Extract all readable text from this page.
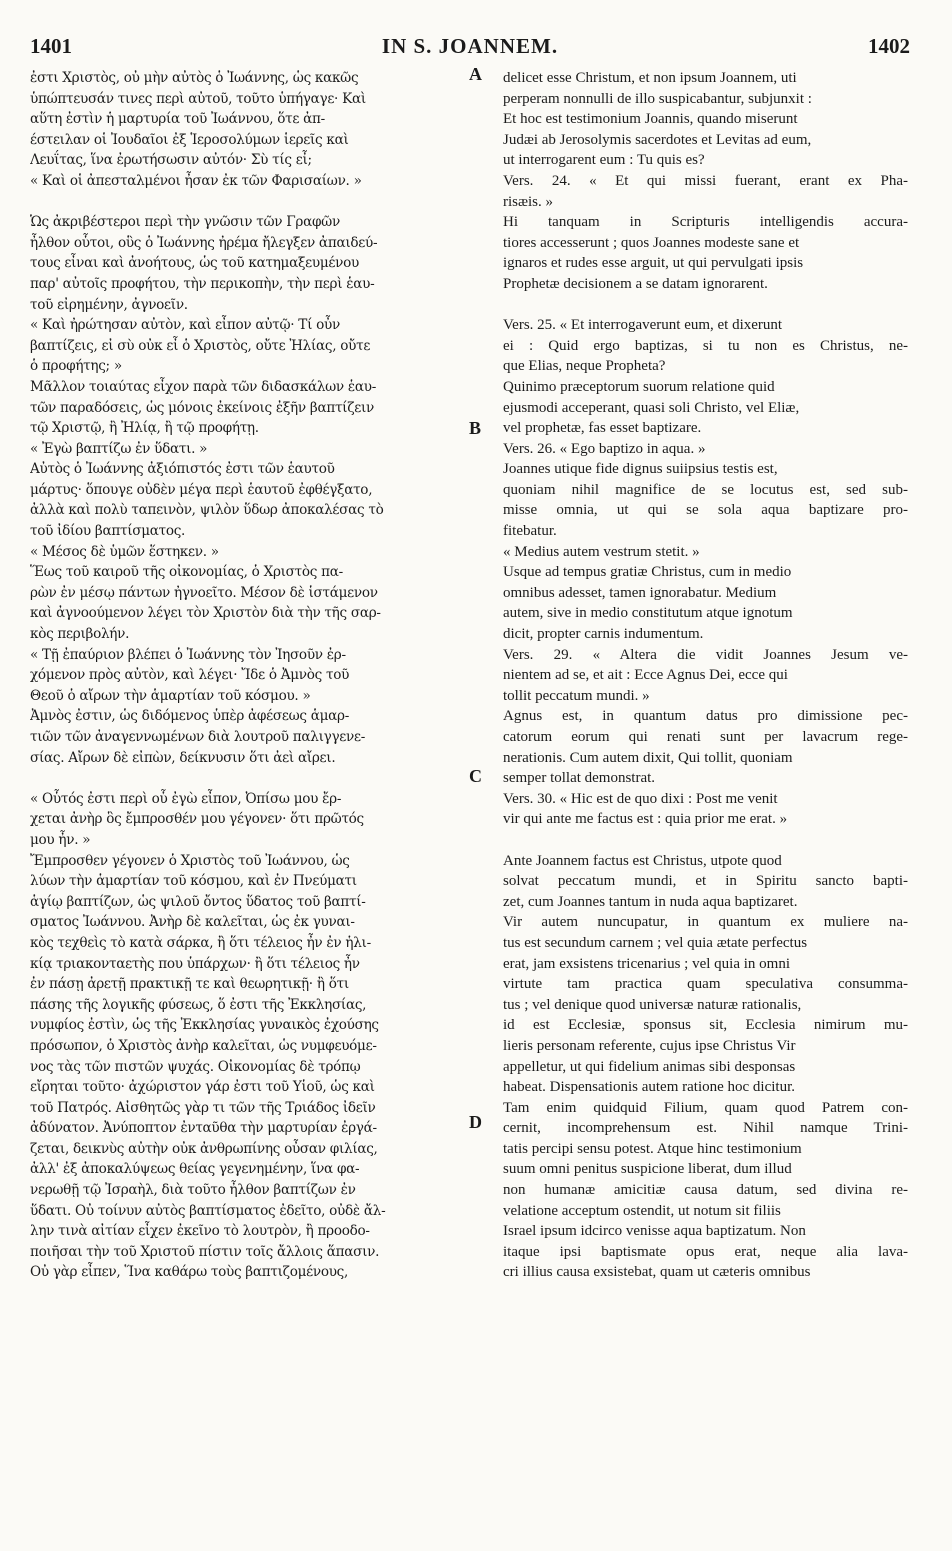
1401	IN S. JOANNEM.	1402
ἐστι Χριστὸς, οὐ μὴν αὐτὸς ὁ Ἰωάννης, ὡς κακῶς
ὑπώπτευσάν τινες περὶ αὐτοῦ, τοῦτο ὑπήγαγε· Καὶ
αὕτη ἐστὶν ἡ μαρτυρία τοῦ Ἰωάννου, ὅτε ἀπ-
έστειλαν οἱ Ἰουδαῖοι ἐξ Ἱεροσολύμων ἱερεῖς καὶ
Λευΐτας, ἵνα ἐρωτήσωσιν αὐτόν· Σὺ τίς εἶ;
« Καὶ οἱ ἀπεσταλμένοι ἦσαν ἐκ τῶν Φαρισαίων. »
Ὡς ἀκριβέστεροι περὶ τὴν γνῶσιν τῶν Γραφῶν
ἦλθον οὗτοι, οὓς ὁ Ἰωάννης ἠρέμα ἤλεγξεν ἀπαιδεύ-
τους εἶναι καὶ ἀνοήτους, ὡς τοῦ κατημαξευμένου
παρ' αὐτοῖς προφήτου, τὴν περικοπὴν, τὴν περὶ ἑαυ-
τοῦ εἰρημένην, ἀγνοεῖν.
« Καὶ ἠρώτησαν αὐτὸν, καὶ εἶπον αὐτῷ· Τί οὖν
βαπτίζεις, εἰ σὺ οὐκ εἶ ὁ Χριστὸς, οὔτε Ἠλίας, οὔτε
ὁ προφήτης; »
Μᾶλλον τοιαύτας εἶχον παρὰ τῶν διδασκάλων ἑαυ-
τῶν παραδόσεις, ὡς μόνοις ἐκείνοις ἐξῆν βαπτίζειν
τῷ Χριστῷ, ἢ Ἠλίᾳ, ἢ τῷ προφήτῃ.
« Ἐγὼ βαπτίζω ἐν ὕδατι. »
Αὐτὸς ὁ Ἰωάννης ἀξιόπιστός ἐστι τῶν ἑαυτοῦ
μάρτυς· ὅπουγε οὐδὲν μέγα περὶ ἑαυτοῦ ἐφθέγξατο,
ἀλλὰ καὶ πολὺ ταπεινὸν, ψιλὸν ὕδωρ ἀποκαλέσας τὸ
τοῦ ἰδίου βαπτίσματος.
« Μέσος δὲ ὑμῶν ἕστηκεν. »
Ἕως τοῦ καιροῦ τῆς οἰκονομίας, ὁ Χριστὸς πα-
ρὼν ἐν μέσῳ πάντων ἠγνοεῖτο. Μέσον δὲ ἱστάμενον
καὶ ἀγνοούμενον λέγει τὸν Χριστὸν διὰ τὴν τῆς σαρ-
κὸς περιβολήν.
« Τῇ ἐπαύριον βλέπει ὁ Ἰωάννης τὸν Ἰησοῦν ἐρ-
χόμενον πρὸς αὐτὸν, καὶ λέγει· Ἴδε ὁ Ἀμνὸς τοῦ
Θεοῦ ὁ αἴρων τὴν ἁμαρτίαν τοῦ κόσμου. »
Ἀμνὸς ἐστιν, ὡς διδόμενος ὑπὲρ ἀφέσεως ἁμαρ-
τιῶν τῶν ἀναγεννωμένων διὰ λουτροῦ παλιγγενε-
σίας. Αἴρων δὲ εἰπὼν, δείκνυσιν ὅτι ἀεὶ αἴρει.
« Οὗτός ἐστι περὶ οὗ ἐγὼ εἶπον, Ὀπίσω μου ἔρ-
χεται ἀνὴρ ὃς ἔμπροσθέν μου γέγονεν· ὅτι πρῶτός
μου ἦν. »
Ἔμπροσθεν γέγονεν ὁ Χριστὸς τοῦ Ἰωάννου, ὡς
λύων τὴν ἁμαρτίαν τοῦ κόσμου, καὶ ἐν Πνεύματι
ἁγίῳ βαπτίζων, ὡς ψιλοῦ ὄντος ὕδατος τοῦ βαπτί-
σματος Ἰωάννου. Ἀνὴρ δὲ καλεῖται, ὡς ἐκ γυναι-
κὸς τεχθεὶς τὸ κατὰ σάρκα, ἢ ὅτι τέλειος ἦν ἐν ἡλι-
κίᾳ τριακονταετὴς που ὑπάρχων· ἢ ὅτι τέλειος ἦν
ἐν πάσῃ ἀρετῇ πρακτικῇ τε καὶ θεωρητικῇ· ἢ ὅτι
πάσης τῆς λογικῆς φύσεως, ὅ ἐστι τῆς Ἐκκλησίας,
νυμφίος ἐστὶν, ὡς τῆς Ἐκκλησίας γυναικὸς ἐχούσης
πρόσωπον, ὁ Χριστὸς ἀνὴρ καλεῖται, ὡς νυμφευόμε-
νος τὰς τῶν πιστῶν ψυχάς. Οἰκονομίας δὲ τρόπῳ
εἴρηται τοῦτο· ἀχώριστον γάρ ἐστι τοῦ Υἱοῦ, ὡς καὶ
τοῦ Πατρός. Αἰσθητῶς γὰρ τι τῶν τῆς Τριάδος ἰδεῖν
ἀδύνατον. Ἀνύποπτον ἐνταῦθα τὴν μαρτυρίαν ἐργά-
ζεται, δεικνὺς αὐτὴν οὐκ ἀνθρωπίνης οὖσαν φιλίας,
ἀλλ' ἐξ ἀποκαλύψεως θείας γεγενημένην, ἵνα φα-
νερωθῇ τῷ Ἰσραὴλ, διὰ τοῦτο ἦλθον βαπτίζων ἐν
ὕδατι. Οὐ τοίνυν αὐτὸς βαπτίσματος ἐδεῖτο, οὐδὲ ἄλ-
λην τινὰ αἰτίαν εἶχεν ἐκεῖνο τὸ λουτρὸν, ἢ προοδο-
ποιῆσαι τὴν τοῦ Χριστοῦ πίστιν τοῖς ἄλλοις ἅπασιν.
Οὐ γὰρ εἶπεν, Ἵνα καθάρω τοὺς βαπτιζομένους,
delicet esse Christum, et non ipsum Joannem, uti
perperam nonnulli de illo suspicabantur, subjunxit :
Et hoc est testimonium Joannis, quando miserunt
Judæi ab Jerosolymis sacerdotes et Levitas ad eum,
ut interrogarent eum : Tu quis es?
Vers. 24. « Et qui missi fuerant, erant ex Pha-
risæis. »
Hi tanquam in Scripturis intelligendis accura-
tiores accesserunt ; quos Joannes modeste sane et
ignaros et rudes esse arguit, ut qui pervulgati ipsis
Prophetæ decisionem a se datam ignorarent.
Vers. 25. « Et interrogaverunt eum, et dixerunt
ei : Quid ergo baptizas, si tu non es Christus, ne-
que Elias, neque Propheta?
Quinimo præceptorum suorum relatione quid
ejusmodi acceperant, quasi soli Christo, vel Eliæ,
vel prophetæ, fas esset baptizare.
Vers. 26. « Ego baptizo in aqua. »
Joannes utique fide dignus suiipsius testis est,
quoniam nihil magnifice de se locutus est, sed sub-
misse omnia, ut qui se sola aqua baptizare pro-
fitebatur.
« Medius autem vestrum stetit. »
Usque ad tempus gratiæ Christus, cum in medio
omnibus adesset, tamen ignorabatur. Medium
autem, sive in medio constitutum atque ignotum
dicit, propter carnis indumentum.
Vers. 29. « Altera die vidit Joannes Jesum ve-
nientem ad se, et ait : Ecce Agnus Dei, ecce qui
tollit peccatum mundi. »
Agnus est, in quantum datus pro dimissione pec-
catorum eorum qui renati sunt per lavacrum rege-
nerationis. Cum autem dixit, Qui tollit, quoniam
semper tollat demonstrat.
Vers. 30. « Hic est de quo dixi : Post me venit
vir qui ante me factus est : quia prior me erat. »
Ante Joannem factus est Christus, utpote quod
solvat peccatum mundi, et in Spiritu sancto bapti-
zet, cum Joannes tantum in nuda aqua baptizaret.
Vir autem nuncupatur, in quantum ex muliere na-
tus est secundum carnem ; vel quia ætate perfectus
erat, jam exsistens tricenarius ; vel quia in omni
virtute tam practica quam speculativa consumma-
tus ; vel denique quod universæ naturæ rationalis,
id est Ecclesiæ, sponsus sit, Ecclesia nimirum mu-
lieris personam referente, cujus ipse Christus Vir
appelletur, ut qui fidelium animas sibi desponsas
habeat. Dispensationis autem ratione hoc dicitur.
Tam enim quidquid Filium, quam quod Patrem con-
cernit, incomprehensum est. Nihil namque Trini-
tatis percipi sensu potest. Atque hinc testimonium
suum omni penitus suspicione liberat, dum illud
non humanæ amicitiæ causa datum, sed divina re-
velatione acceptum ostendit, ut notum sit filiis
Israel ipsum idcirco venisse aqua baptizatum. Non
itaque ipsi baptismate opus erat, neque alia lava-
cri illius causa exsistebat, quam ut cæteris omnibus
A
B
C
D
